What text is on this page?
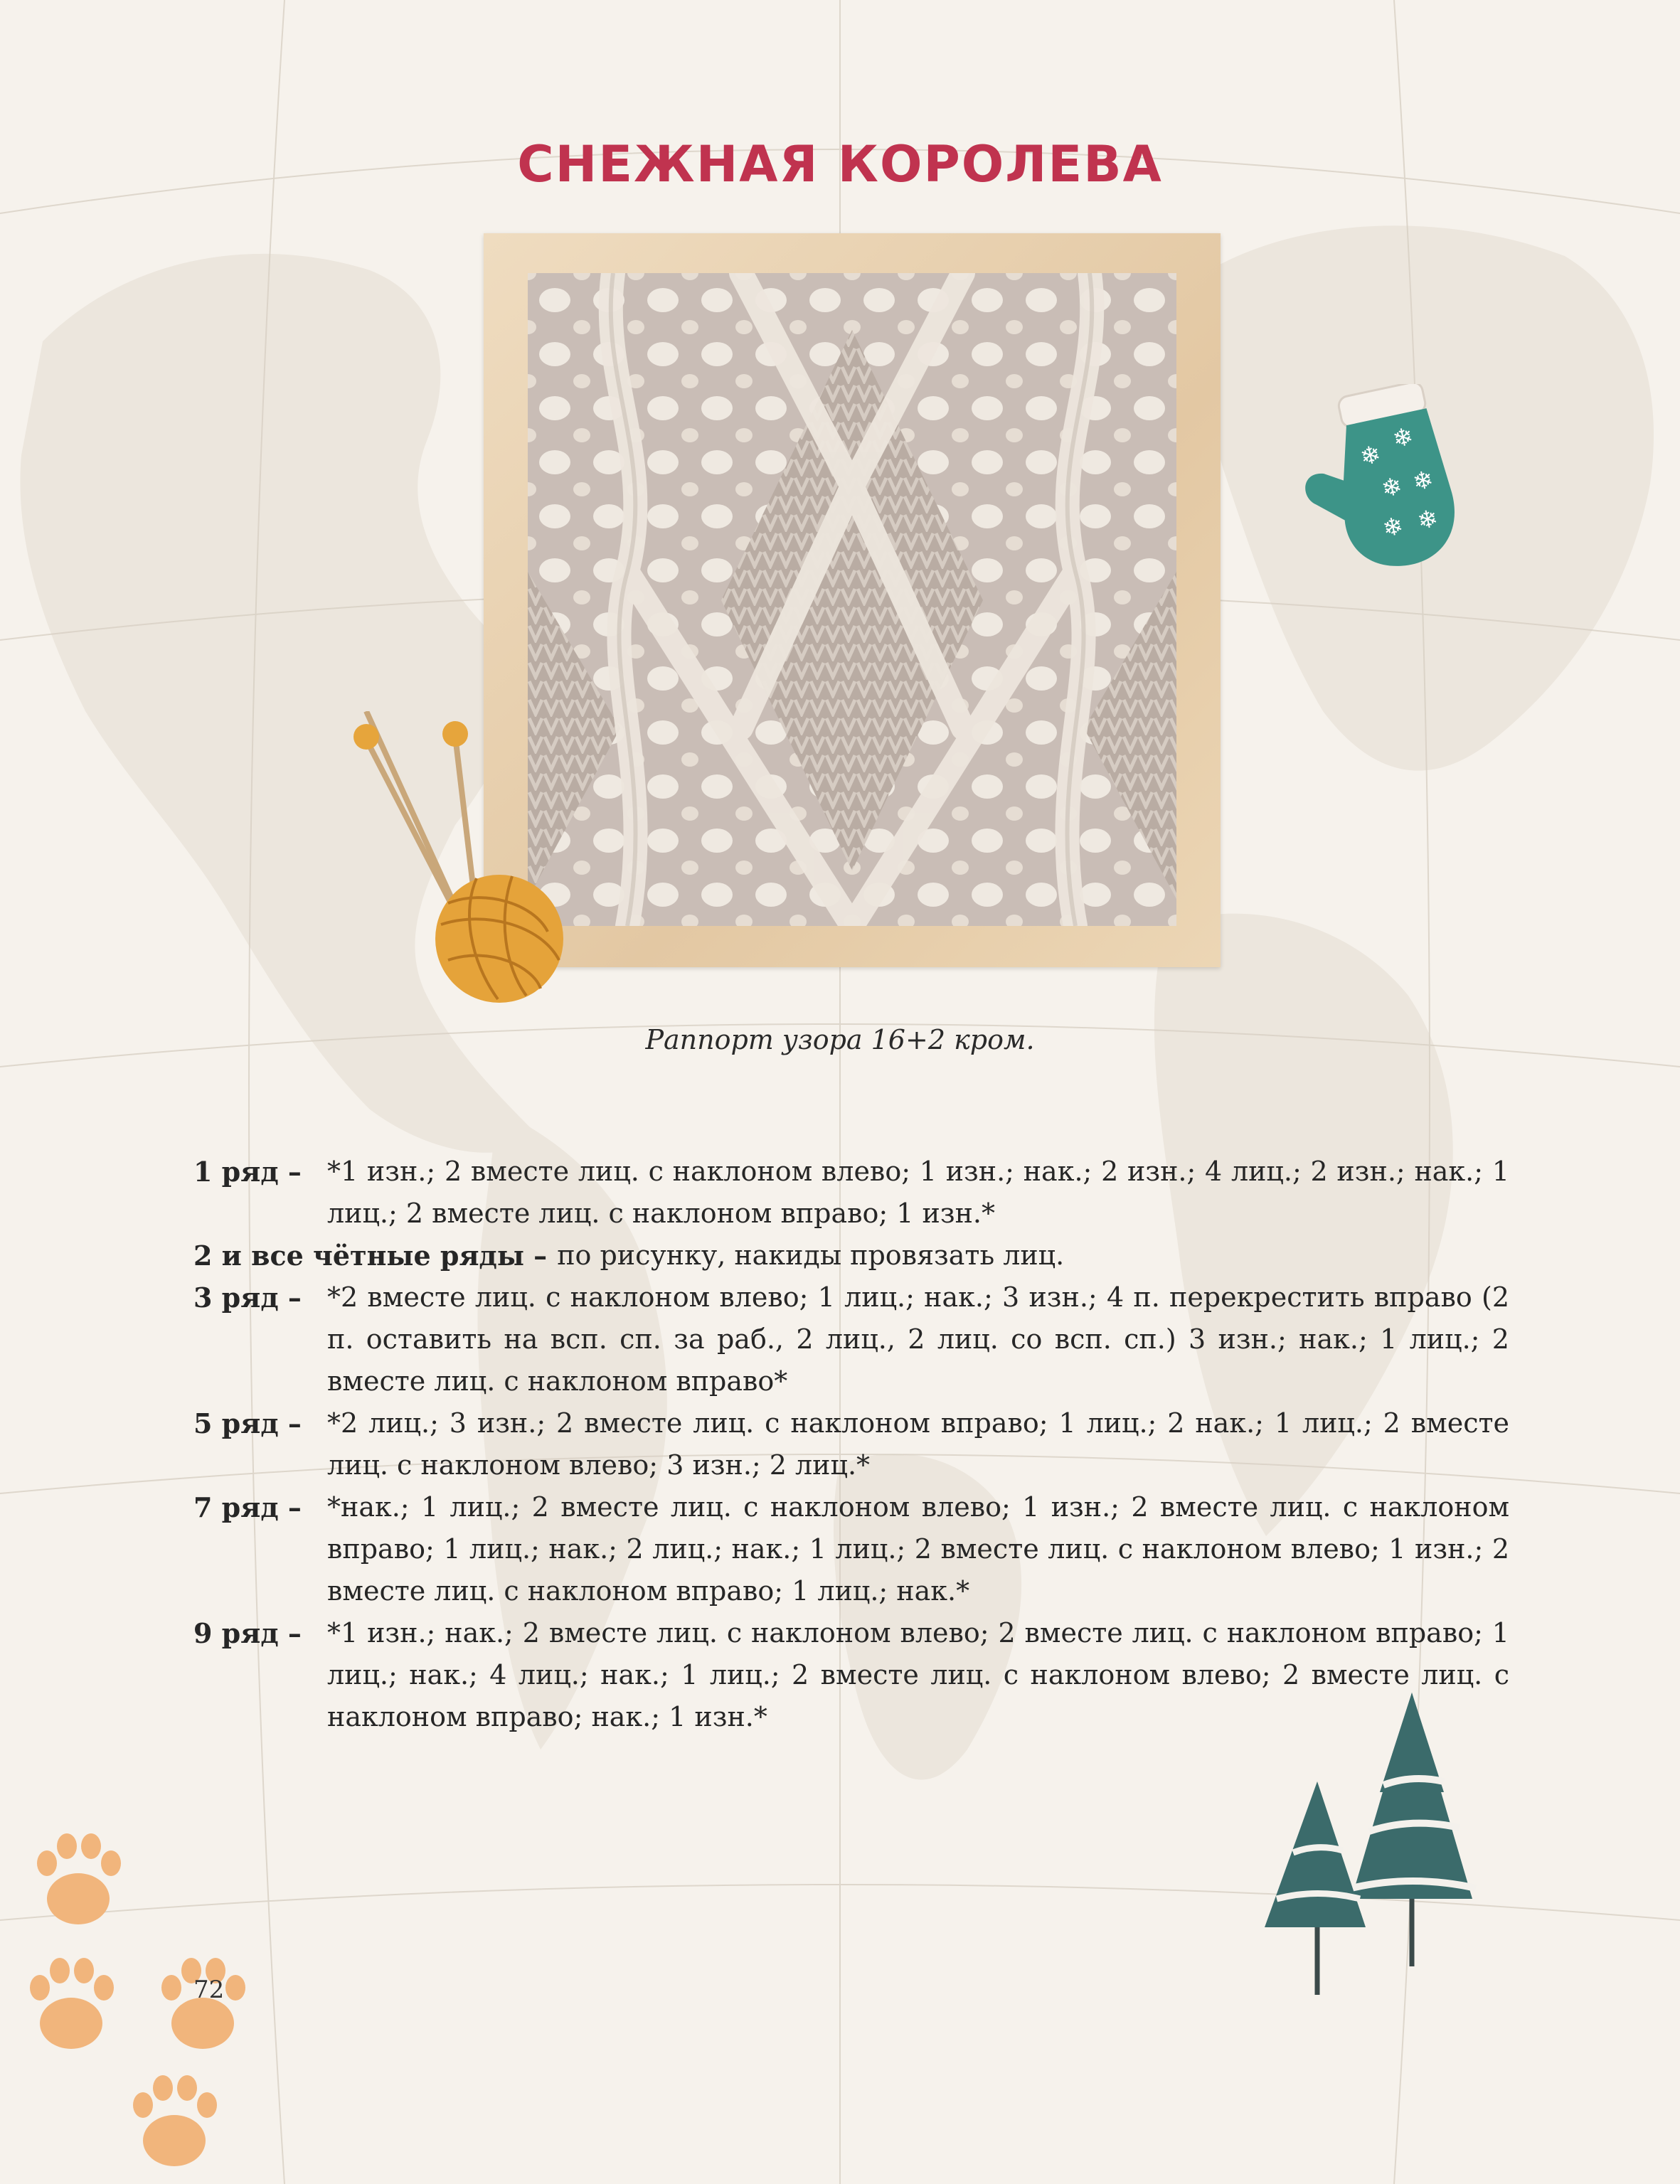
СНЕЖНАЯ КОРОЛЕВА
❄
❄
❄ ❄
❄ ❄
Раппорт узора 16+2 кром.
1 ряд – *1 изн.; 2 вместе лиц. с наклоном влево; 1 изн.; нак.; 2 изн.; 4 лиц.; 2 изн.; нак.; 1 лиц.; 2 вместе лиц. с наклоном вправо; 1 изн.*
2 и все чётные ряды – по рисунку, накиды провязать лиц.
3 ряд – *2 вместе лиц. с наклоном влево; 1 лиц.; нак.; 3 изн.; 4 п. перекрестить вправо (2 п. оставить на всп. сп. за раб., 2 лиц., 2 лиц. со всп. сп.) 3 изн.; нак.; 1 лиц.; 2 вместе лиц. с наклоном вправо*
5 ряд – *2 лиц.; 3 изн.; 2 вместе лиц. с наклоном вправо; 1 лиц.; 2 нак.; 1 лиц.; 2 вместе лиц. с наклоном влево; 3 изн.; 2 лиц.*
7 ряд – *нак.; 1 лиц.; 2 вместе лиц. с наклоном влево; 1 изн.; 2 вместе лиц. с наклоном вправо; 1 лиц.; нак.; 2 лиц.; нак.; 1 лиц.; 2 вместе лиц. с наклоном влево; 1 изн.; 2 вместе лиц. с наклоном вправо; 1 лиц.; нак.*
9 ряд – *1 изн.; нак.; 2 вместе лиц. с наклоном влево; 2 вместе лиц. с наклоном вправо; 1 лиц.; нак.; 4 лиц.; нак.; 1 лиц.; 2 вместе лиц. с наклоном влево; 2 вместе лиц. с наклоном вправо; нак.; 1 изн.*
72
